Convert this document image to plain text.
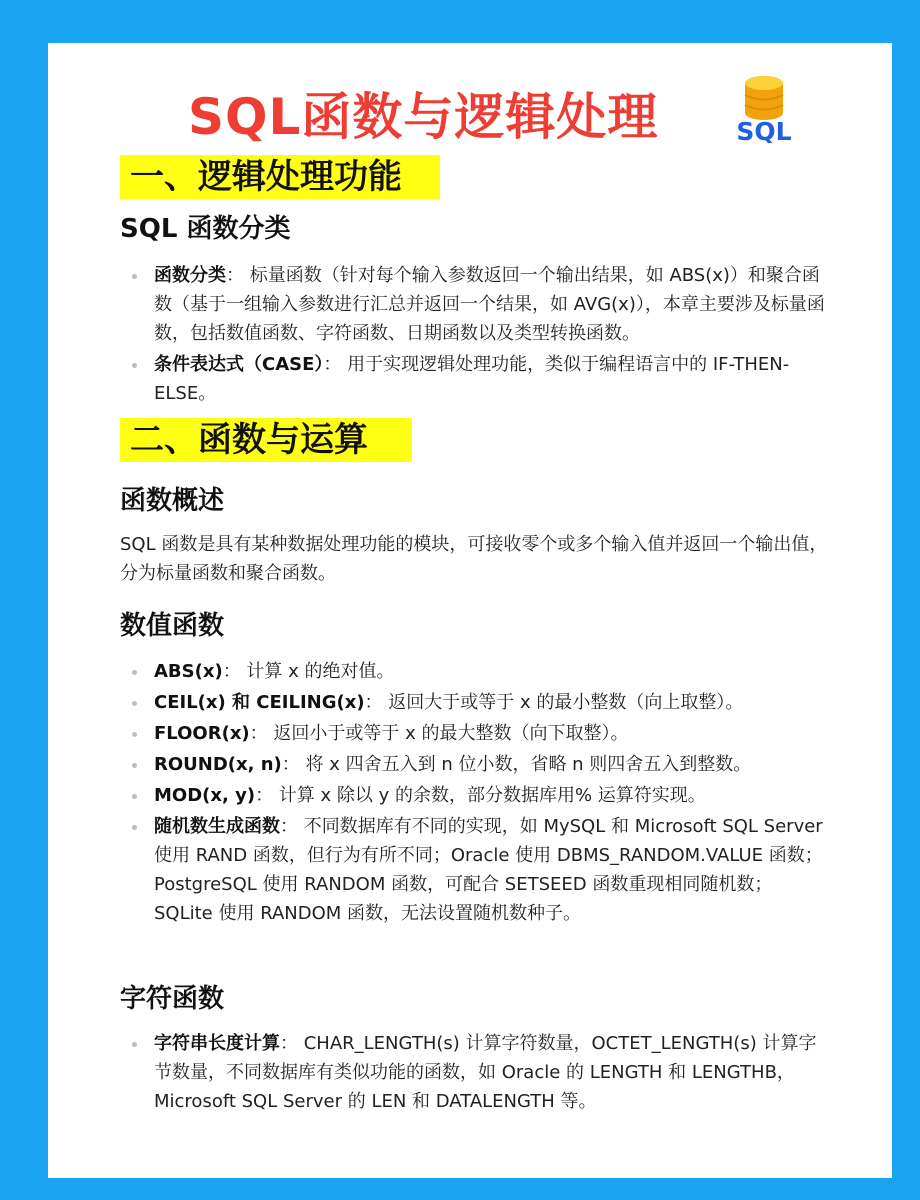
SQL函数与逻辑处理	SQL
一、逻辑处理功能
SQL 函数分类
函数分类： 标量函数（针对每个输入参数返回一个输出结果，如 ABS(x)）和聚合函数（基于一组输入参数进行汇总并返回一个结果，如 AVG(x)），本章主要涉及标量函数，包括数值函数、字符函数、日期函数以及类型转换函数。
条件表达式（CASE）： 用于实现逻辑处理功能，类似于编程语言中的 IF-THEN-ELSE。
二、函数与运算
函数概述
SQL 函数是具有某种数据处理功能的模块，可接收零个或多个输入值并返回一个输出值，分为标量函数和聚合函数。
数值函数
ABS(x)： 计算 x 的绝对值。
CEIL(x) 和 CEILING(x)： 返回大于或等于 x 的最小整数（向上取整）。
FLOOR(x)： 返回小于或等于 x 的最大整数（向下取整）。
ROUND(x, n)： 将 x 四舍五入到 n 位小数，省略 n 则四舍五入到整数。
MOD(x, y)： 计算 x 除以 y 的余数，部分数据库用% 运算符实现。
随机数生成函数： 不同数据库有不同的实现，如 MySQL 和 Microsoft SQL Server 使用 RAND 函数，但行为有所不同；Oracle 使用 DBMS_RANDOM.VALUE 函数；PostgreSQL 使用 RANDOM 函数，可配合 SETSEED 函数重现相同随机数；SQLite 使用 RANDOM 函数，无法设置随机数种子。
字符函数
字符串长度计算： CHAR_LENGTH(s) 计算字符数量，OCTET_LENGTH(s) 计算字节数量，不同数据库有类似功能的函数，如 Oracle 的 LENGTH 和 LENGTHB，Microsoft SQL Server 的 LEN 和 DATALENGTH 等。
